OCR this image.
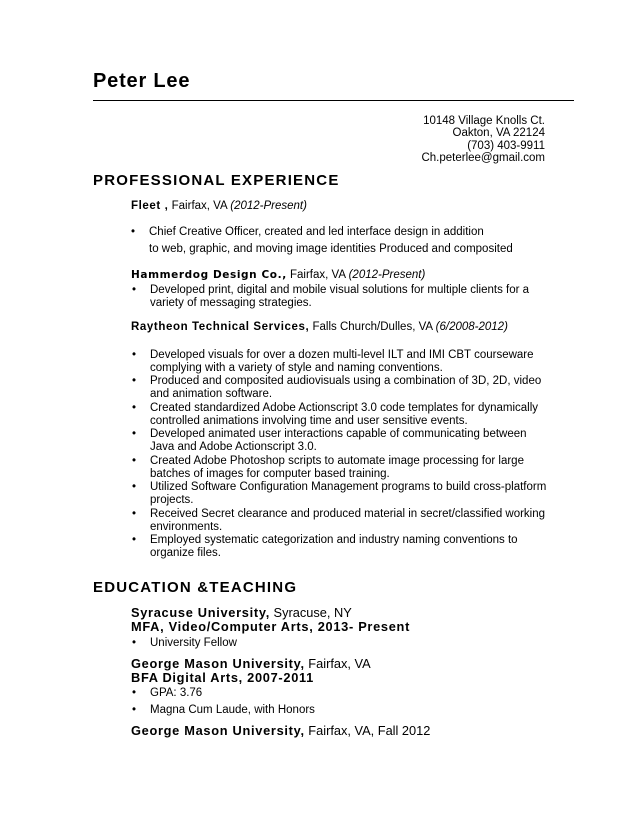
Peter Lee
10148 Village Knolls Ct.
Oakton, VA 22124
(703) 403-9911
Ch.peterlee@gmail.com
PROFESSIONAL EXPERIENCE
Fleet , Fairfax, VA (2012-Present)
• Chief Creative Officer, created and led interface design in addition
to web, graphic, and moving image identities Produced and composited
Hammerdog Design Co., Fairfax, VA (2012-Present)
• Developed print, digital and mobile visual solutions for multiple clients for a variety of messaging strategies.
Raytheon Technical Services, Falls Church/Dulles, VA (6/2008-2012)
• Developed visuals for over a dozen multi-level ILT and IMI CBT courseware complying with a variety of style and naming conventions.
• Produced and composited audiovisuals using a combination of 3D, 2D, video and animation software.
• Created standardized Adobe Actionscript 3.0 code templates for dynamically controlled animations involving time and user sensitive events.
• Developed animated user interactions capable of communicating between Java and Adobe Actionscript 3.0.
• Created Adobe Photoshop scripts to automate image processing for large batches of images for computer based training.
• Utilized Software Configuration Management programs to build cross-platform projects.
• Received Secret clearance and produced material in secret/classified working environments.
• Employed systematic categorization and industry naming conventions to organize files.
EDUCATION &TEACHING
Syracuse University, Syracuse, NY
MFA, Video/Computer Arts, 2013- Present
• University Fellow
George Mason University, Fairfax, VA
BFA Digital Arts, 2007-2011
• GPA: 3.76
• Magna Cum Laude, with Honors
George Mason University, Fairfax, VA, Fall 2012
